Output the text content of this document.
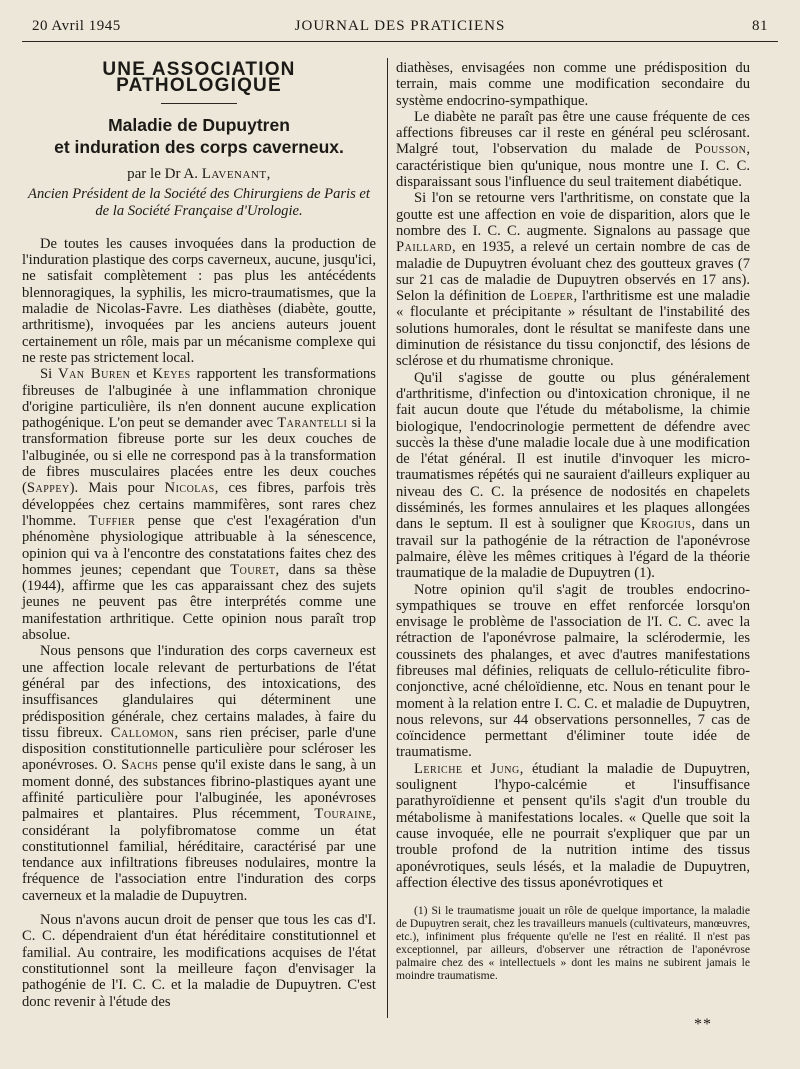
20 Avril 1945	JOURNAL DES PRATICIENS	81
UNE ASSOCIATION PATHOLOGIQUE
Maladie de Dupuytren
et induration des corps caverneux.
par le Dr A. Lavenant,
Ancien Président de la Société des Chirurgiens de Paris et de la Société Française d'Urologie.

De toutes les causes invoquées dans la production de l'induration plastique des corps caverneux, aucune, jusqu'ici, ne satisfait complètement : pas plus les antécédents blennoragiques, la syphilis, les micro-traumatismes, que la maladie de Nicolas-Favre. Les diathèses (diabète, goutte, arthritisme), invoquées par les anciens auteurs jouent certainement un rôle, mais par un mécanisme complexe qui ne reste pas strictement local.

Si Van Buren et Keyes rapportent les transformations fibreuses de l'albuginée à une inflammation chronique d'origine particulière, ils n'en donnent aucune explication pathogénique. L'on peut se demander avec Tarantelli si la transformation fibreuse porte sur les deux couches de l'albuginée, ou si elle ne correspond pas à la transformation de fibres musculaires placées entre les deux couches (Sappey). Mais pour Nicolas, ces fibres, parfois très développées chez certains mammifères, sont rares chez l'homme. Tuffier pense que c'est l'exagération d'un phénomène physiologique attribuable à la sénescence, opinion qui va à l'encontre des constatations faites chez des hommes jeunes; cependant que Touret, dans sa thèse (1944), affirme que les cas apparaissant chez des sujets jeunes ne peuvent pas être interprétés comme une manifestation arthritique. Cette opinion nous paraît trop absolue.

Nous pensons que l'induration des corps caverneux est une affection locale relevant de perturbations de l'état général par des infections, des intoxications, des insuffisances glandulaires qui déterminent une prédisposition générale, chez certains malades, à faire du tissu fibreux. Callomon, sans rien préciser, parle d'une disposition constitutionnelle particulière pour scléroser les aponévroses. O. Sachs pense qu'il existe dans le sang, à un moment donné, des substances fibrino-plastiques ayant une affinité particulière pour l'albuginée, les aponévroses palmaires et plantaires. Plus récemment, Touraine, considérant la polyfibromatose comme un état constitutionnel familial, héréditaire, caractérisé par une tendance aux infiltrations fibreuses nodulaires, montre la fréquence de l'association entre l'induration des corps caverneux et la maladie de Dupuytren.

Nous n'avons aucun droit de penser que tous les cas d'I. C. C. dépendraient d'un état héréditaire constitutionnel et familial. Au contraire, les modifications acquises de l'état constitutionnel sont la meilleure façon d'envisager la pathogénie de l'I. C. C. et la maladie de Dupuytren. C'est donc revenir à l'étude des

diathèses, envisagées non comme une prédisposition du terrain, mais comme une modification secondaire du système endocrino-sympathique.

Le diabète ne paraît pas être une cause fréquente de ces affections fibreuses car il reste en général peu sclérosant. Malgré tout, l'observation du malade de Pousson, caractéristique bien qu'unique, nous montre une I. C. C. disparaissant sous l'influence du seul traitement diabétique.

Si l'on se retourne vers l'arthritisme, on constate que la goutte est une affection en voie de disparition, alors que le nombre des I. C. C. augmente. Signalons au passage que Paillard, en 1935, a relevé un certain nombre de cas de maladie de Dupuytren évoluant chez des goutteux graves (7 sur 21 cas de maladie de Dupuytren observés en 17 ans). Selon la définition de Loeper, l'arthritisme est une maladie « floculante et précipitante » résultant de l'instabilité des solutions humorales, dont le résultat se manifeste dans une diminution de résistance du tissu conjonctif, des lésions de sclérose et du rhumatisme chronique.

Qu'il s'agisse de goutte ou plus généralement d'arthritisme, d'infection ou d'intoxication chronique, il ne fait aucun doute que l'étude du métabolisme, la chimie biologique, l'endocrinologie permettent de défendre avec succès la thèse d'une maladie locale due à une modification de l'état général. Il est inutile d'invoquer les micro-traumatismes répétés qui ne sauraient d'ailleurs expliquer au niveau des C. C. la présence de nodosités en chapelets disséminés, les formes annulaires et les plaques allongées dans le septum. Il est à souligner que Krogius, dans un travail sur la pathogénie de la rétraction de l'aponévrose palmaire, élève les mêmes critiques à l'égard de la théorie traumatique de la maladie de Dupuytren (1).

Notre opinion qu'il s'agit de troubles endocrino-sympathiques se trouve en effet renforcée lorsqu'on envisage le problème de l'association de l'I. C. C. avec la rétraction de l'aponévrose palmaire, la sclérodermie, les coussinets des phalanges, et avec d'autres manifestations fibreuses mal définies, reliquats de cellulo-réticulite fibro-conjonctive, acné chéloïdienne, etc. Nous en tenant pour le moment à la relation entre I. C. C. et maladie de Dupuytren, nous relevons, sur 44 observations personnelles, 7 cas de coïncidence permettant d'éliminer toute idée de traumatisme.

Leriche et Jung, étudiant la maladie de Dupuytren, soulignent l'hypo-calcémie et l'insuffisance parathyroïdienne et pensent qu'ils s'agit d'un trouble du métabolisme à manifestations locales. « Quelle que soit la cause invoquée, elle ne pourrait s'expliquer que par un trouble profond de la nutrition intime des tissus aponévrotiques, seuls lésés, et la maladie de Dupuytren, affection élective des tissus aponévrotiques et

(1) Si le traumatisme jouait un rôle de quelque importance, la maladie de Dupuytren serait, chez les travailleurs manuels (cultivateurs, manœuvres, etc.), infiniment plus fréquente qu'elle ne l'est en réalité. Il n'est pas exceptionnel, par ailleurs, d'observer une rétraction de l'aponévrose palmaire chez des « intellectuels » dont les mains ne subirent jamais le moindre traumatisme.

**
